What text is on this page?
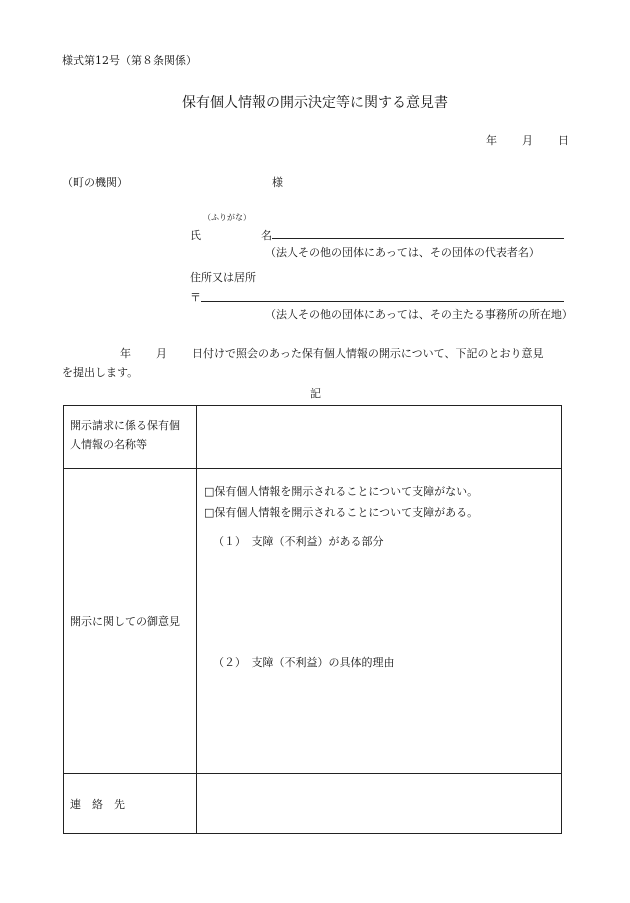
様式第12号（第８条関係）
保有個人情報の開示決定等に関する意見書
年 月 日
（町の機関）	様
（ふりがな）
氏	名
（法人その他の団体にあっては、その団体の代表者名）
住所又は居所
〒
（法人その他の団体にあっては、その主たる事務所の所在地）
年 月 日付けで照会のあった保有個人情報の開示について、下記のとおり意見
を提出します。
記
開示請求に係る保有個
人情報の名称等	

開示に関しての御意見	□保有個人情報を開示されることについて支障がない。
□保有個人情報を開示されることについて支障がある。
（１）　支障（不利益）がある部分
（２）　支障（不利益）の具体的理由

連　絡　先	
